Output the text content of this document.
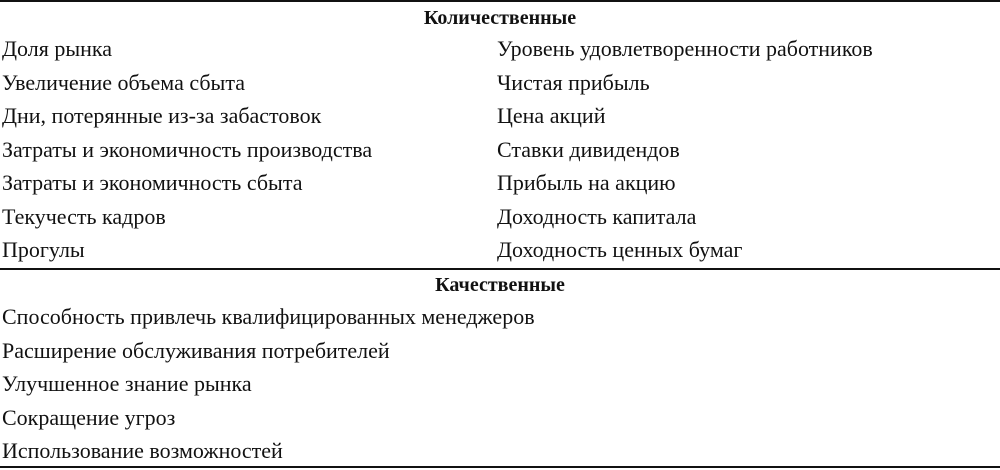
Количественные
Доля рынка
Увеличение объема сбыта
Дни, потерянные из-за забастовок
Затраты и экономичность производства
Затраты и экономичность сбыта
Текучесть кадров
Прогулы
Уровень удовлетворенности работников
Чистая прибыль
Цена акций
Ставки дивидендов
Прибыль на акцию
Доходность капитала
Доходность ценных бумаг
Качественные
Способность привлечь квалифицированных менеджеров
Расширение обслуживания потребителей
Улучшенное знание рынка
Сокращение угроз
Использование возможностей
